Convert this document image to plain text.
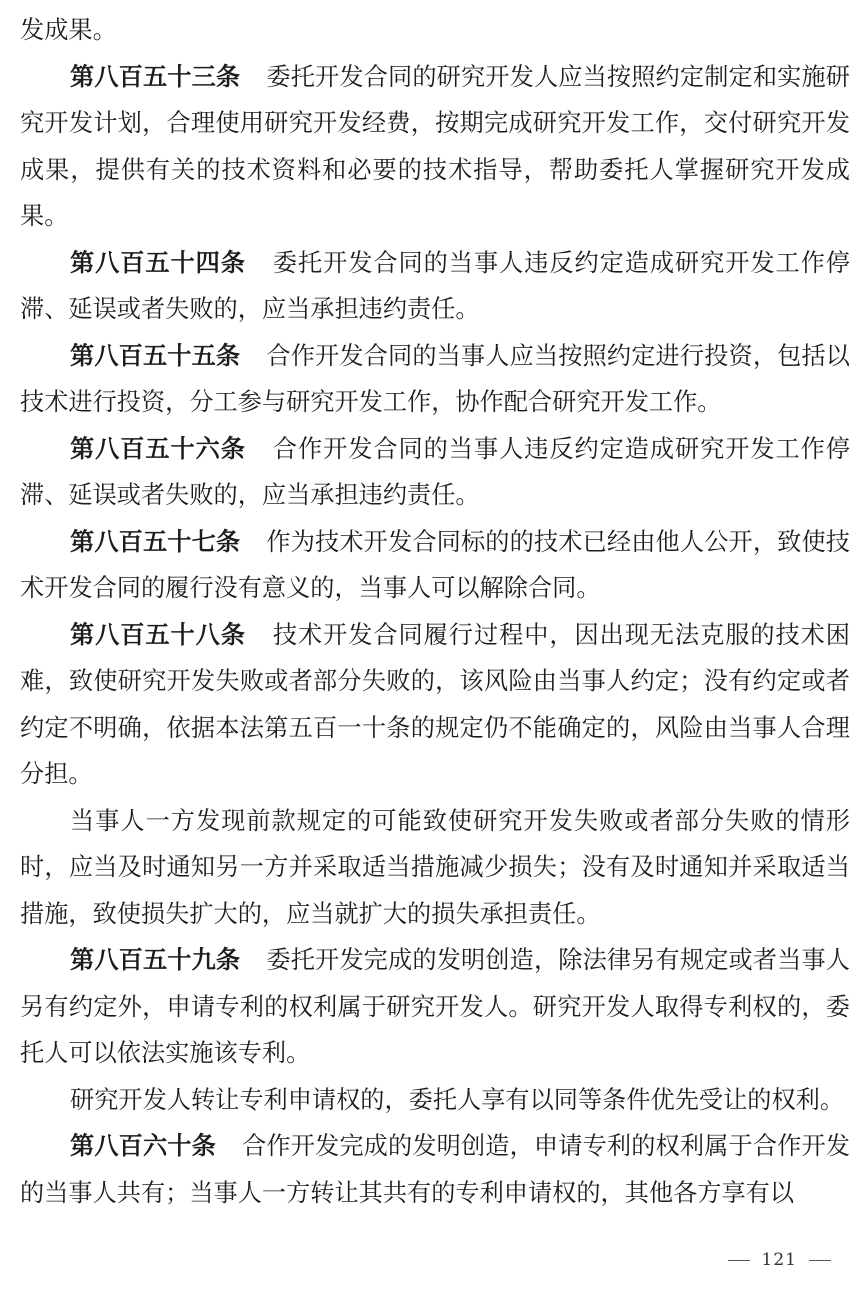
发成果。

第八百五十三条 委托开发合同的研究开发人应当按照约定制定和实施研究开发计划，合理使用研究开发经费，按期完成研究开发工作，交付研究开发成果，提供有关的技术资料和必要的技术指导，帮助委托人掌握研究开发成果。

第八百五十四条 委托开发合同的当事人违反约定造成研究开发工作停滞、延误或者失败的，应当承担违约责任。

第八百五十五条 合作开发合同的当事人应当按照约定进行投资，包括以技术进行投资，分工参与研究开发工作，协作配合研究开发工作。

第八百五十六条 合作开发合同的当事人违反约定造成研究开发工作停滞、延误或者失败的，应当承担违约责任。

第八百五十七条 作为技术开发合同标的的技术已经由他人公开，致使技术开发合同的履行没有意义的，当事人可以解除合同。

第八百五十八条 技术开发合同履行过程中，因出现无法克服的技术困难，致使研究开发失败或者部分失败的，该风险由当事人约定；没有约定或者约定不明确，依据本法第五百一十条的规定仍不能确定的，风险由当事人合理分担。

当事人一方发现前款规定的可能致使研究开发失败或者部分失败的情形时，应当及时通知另一方并采取适当措施减少损失；没有及时通知并采取适当措施，致使损失扩大的，应当就扩大的损失承担责任。

第八百五十九条 委托开发完成的发明创造，除法律另有规定或者当事人另有约定外，申请专利的权利属于研究开发人。研究开发人取得专利权的，委托人可以依法实施该专利。

研究开发人转让专利申请权的，委托人享有以同等条件优先受让的权利。

第八百六十条 合作开发完成的发明创造，申请专利的权利属于合作开发的当事人共有；当事人一方转让其共有的专利申请权的，其他各方享有以

121
